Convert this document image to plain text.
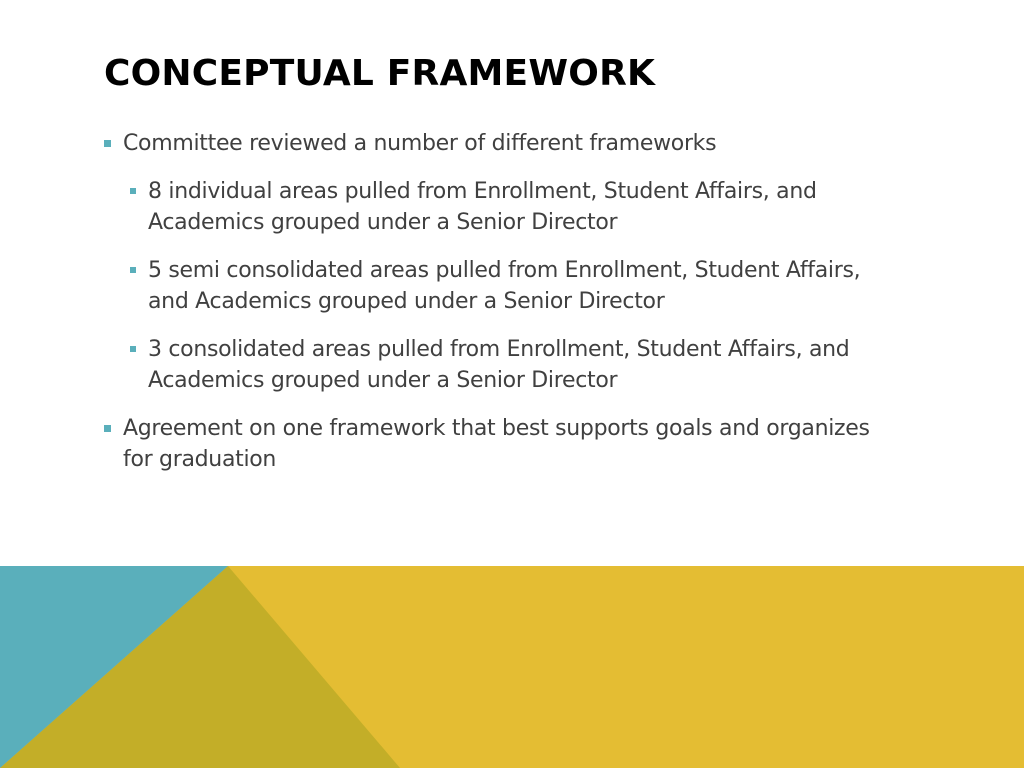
CONCEPTUAL FRAMEWORK
Committee reviewed a number of different frameworks
8 individual areas pulled from Enrollment, Student Affairs, and Academics grouped under a Senior Director
5 semi consolidated areas pulled from Enrollment, Student Affairs, and Academics grouped under a Senior Director
3 consolidated areas pulled from Enrollment, Student Affairs, and Academics grouped under a Senior Director
Agreement on one framework that best supports goals and organizes for graduation
